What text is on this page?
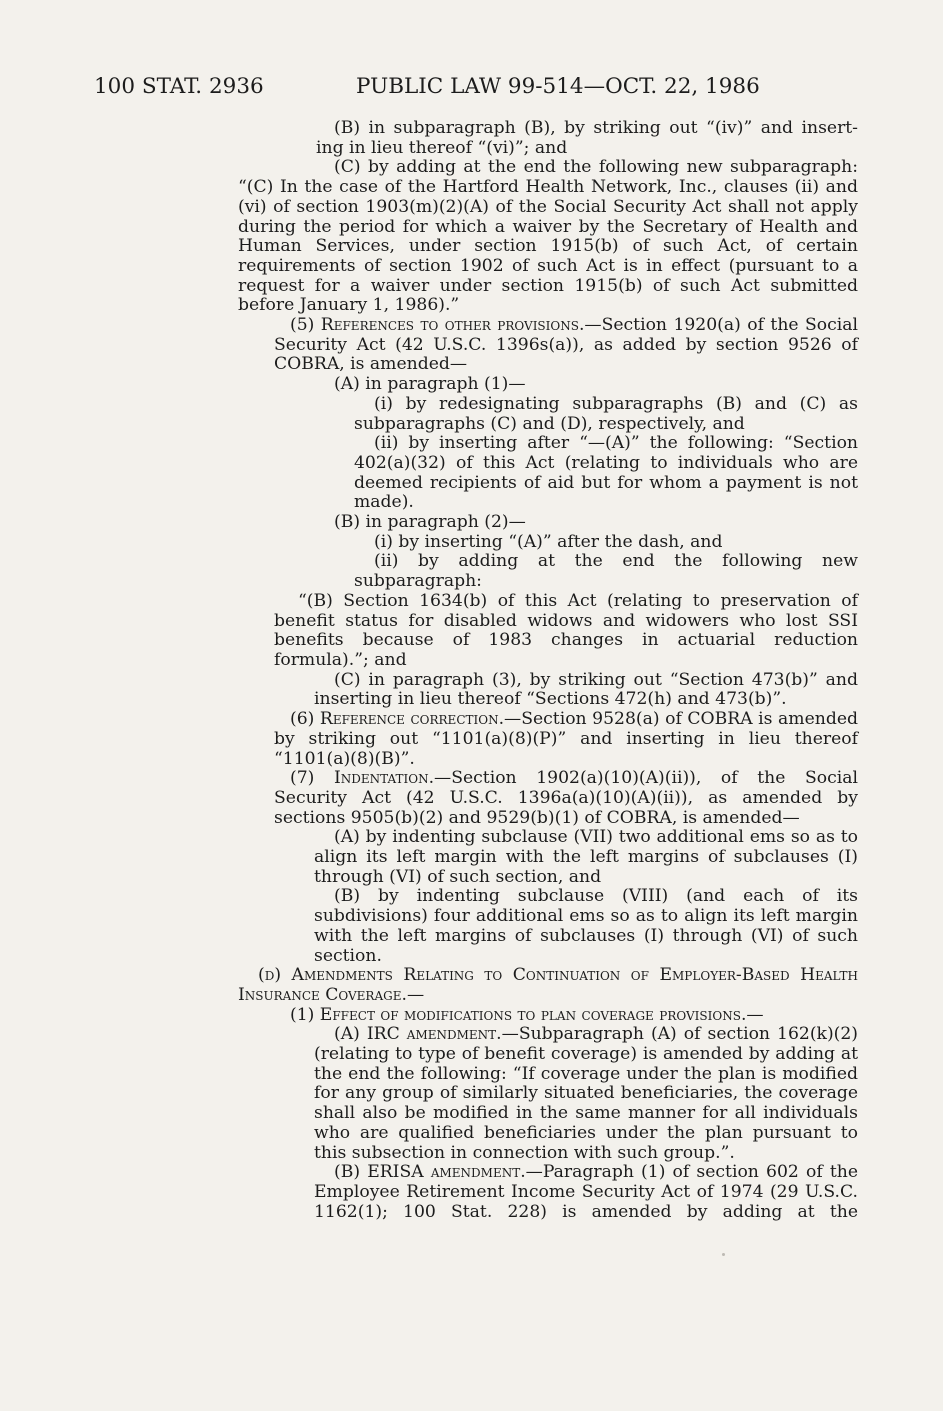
100 STAT. 2936	PUBLIC LAW 99-514—OCT. 22, 1986

(B) in subparagraph (B), by striking out “(iv)” and insert-

ing in lieu thereof “(vi)”; and

(C) by adding at the end the following new subparagraph:

“(C) In the case of the Hartford Health Network, Inc., clauses (ii) and (vi) of section 1903(m)(2)(A) of the Social Security Act shall not apply during the period for which a waiver by the Secretary of Health and Human Services, under section 1915(b) of such Act, of certain requirements of section 1902 of such Act is in effect (pursuant to a request for a waiver under section 1915(b) of such Act submitted before January 1, 1986).”

(5) References to other provisions.—Section 1920(a) of the Social Security Act (42 U.S.C. 1396s(a)), as added by section 9526 of COBRA, is amended—

(A) in paragraph (1)—

(i) by redesignating subparagraphs (B) and (C) as subparagraphs (C) and (D), respectively, and

(ii) by inserting after “—(A)” the following: “Section 402(a)(32) of this Act (relating to individuals who are deemed recipients of aid but for whom a payment is not made).

(B) in paragraph (2)—

(i) by inserting “(A)” after the dash, and

(ii) by adding at the end the following new subparagraph:

“(B) Section 1634(b) of this Act (relating to preservation of benefit status for disabled widows and widowers who lost SSI benefits because of 1983 changes in actuarial reduction formula).”; and

(C) in paragraph (3), by striking out “Section 473(b)” and inserting in lieu thereof “Sections 472(h) and 473(b)”.

(6) Reference correction.—Section 9528(a) of COBRA is amended by striking out “1101(a)(8)(P)” and inserting in lieu thereof “1101(a)(8)(B)”.

(7) Indentation.—Section 1902(a)(10)(A)(ii)), of the Social Security Act (42 U.S.C. 1396a(a)(10)(A)(ii)), as amended by sections 9505(b)(2) and 9529(b)(1) of COBRA, is amended—

(A) by indenting subclause (VII) two additional ems so as to align its left margin with the left margins of subclauses (I) through (VI) of such section, and

(B) by indenting subclause (VIII) (and each of its subdivisions) four additional ems so as to align its left margin with the left margins of subclauses (I) through (VI) of such section.

(d) Amendments Relating to Continuation of Employer-Based Health Insurance Coverage.—

(1) Effect of modifications to plan coverage provisions.—

(A) IRC amendment.—Subparagraph (A) of section 162(k)(2) (relating to type of benefit coverage) is amended by adding at the end the following: “If coverage under the plan is modified for any group of similarly situated beneficiaries, the coverage shall also be modified in the same manner for all individuals who are qualified beneficiaries under the plan pursuant to this subsection in connection with such group.”.

(B) ERISA amendment.—Paragraph (1) of section 602 of the Employee Retirement Income Security Act of 1974 (29 U.S.C. 1162(1); 100 Stat. 228) is amended by adding at the
